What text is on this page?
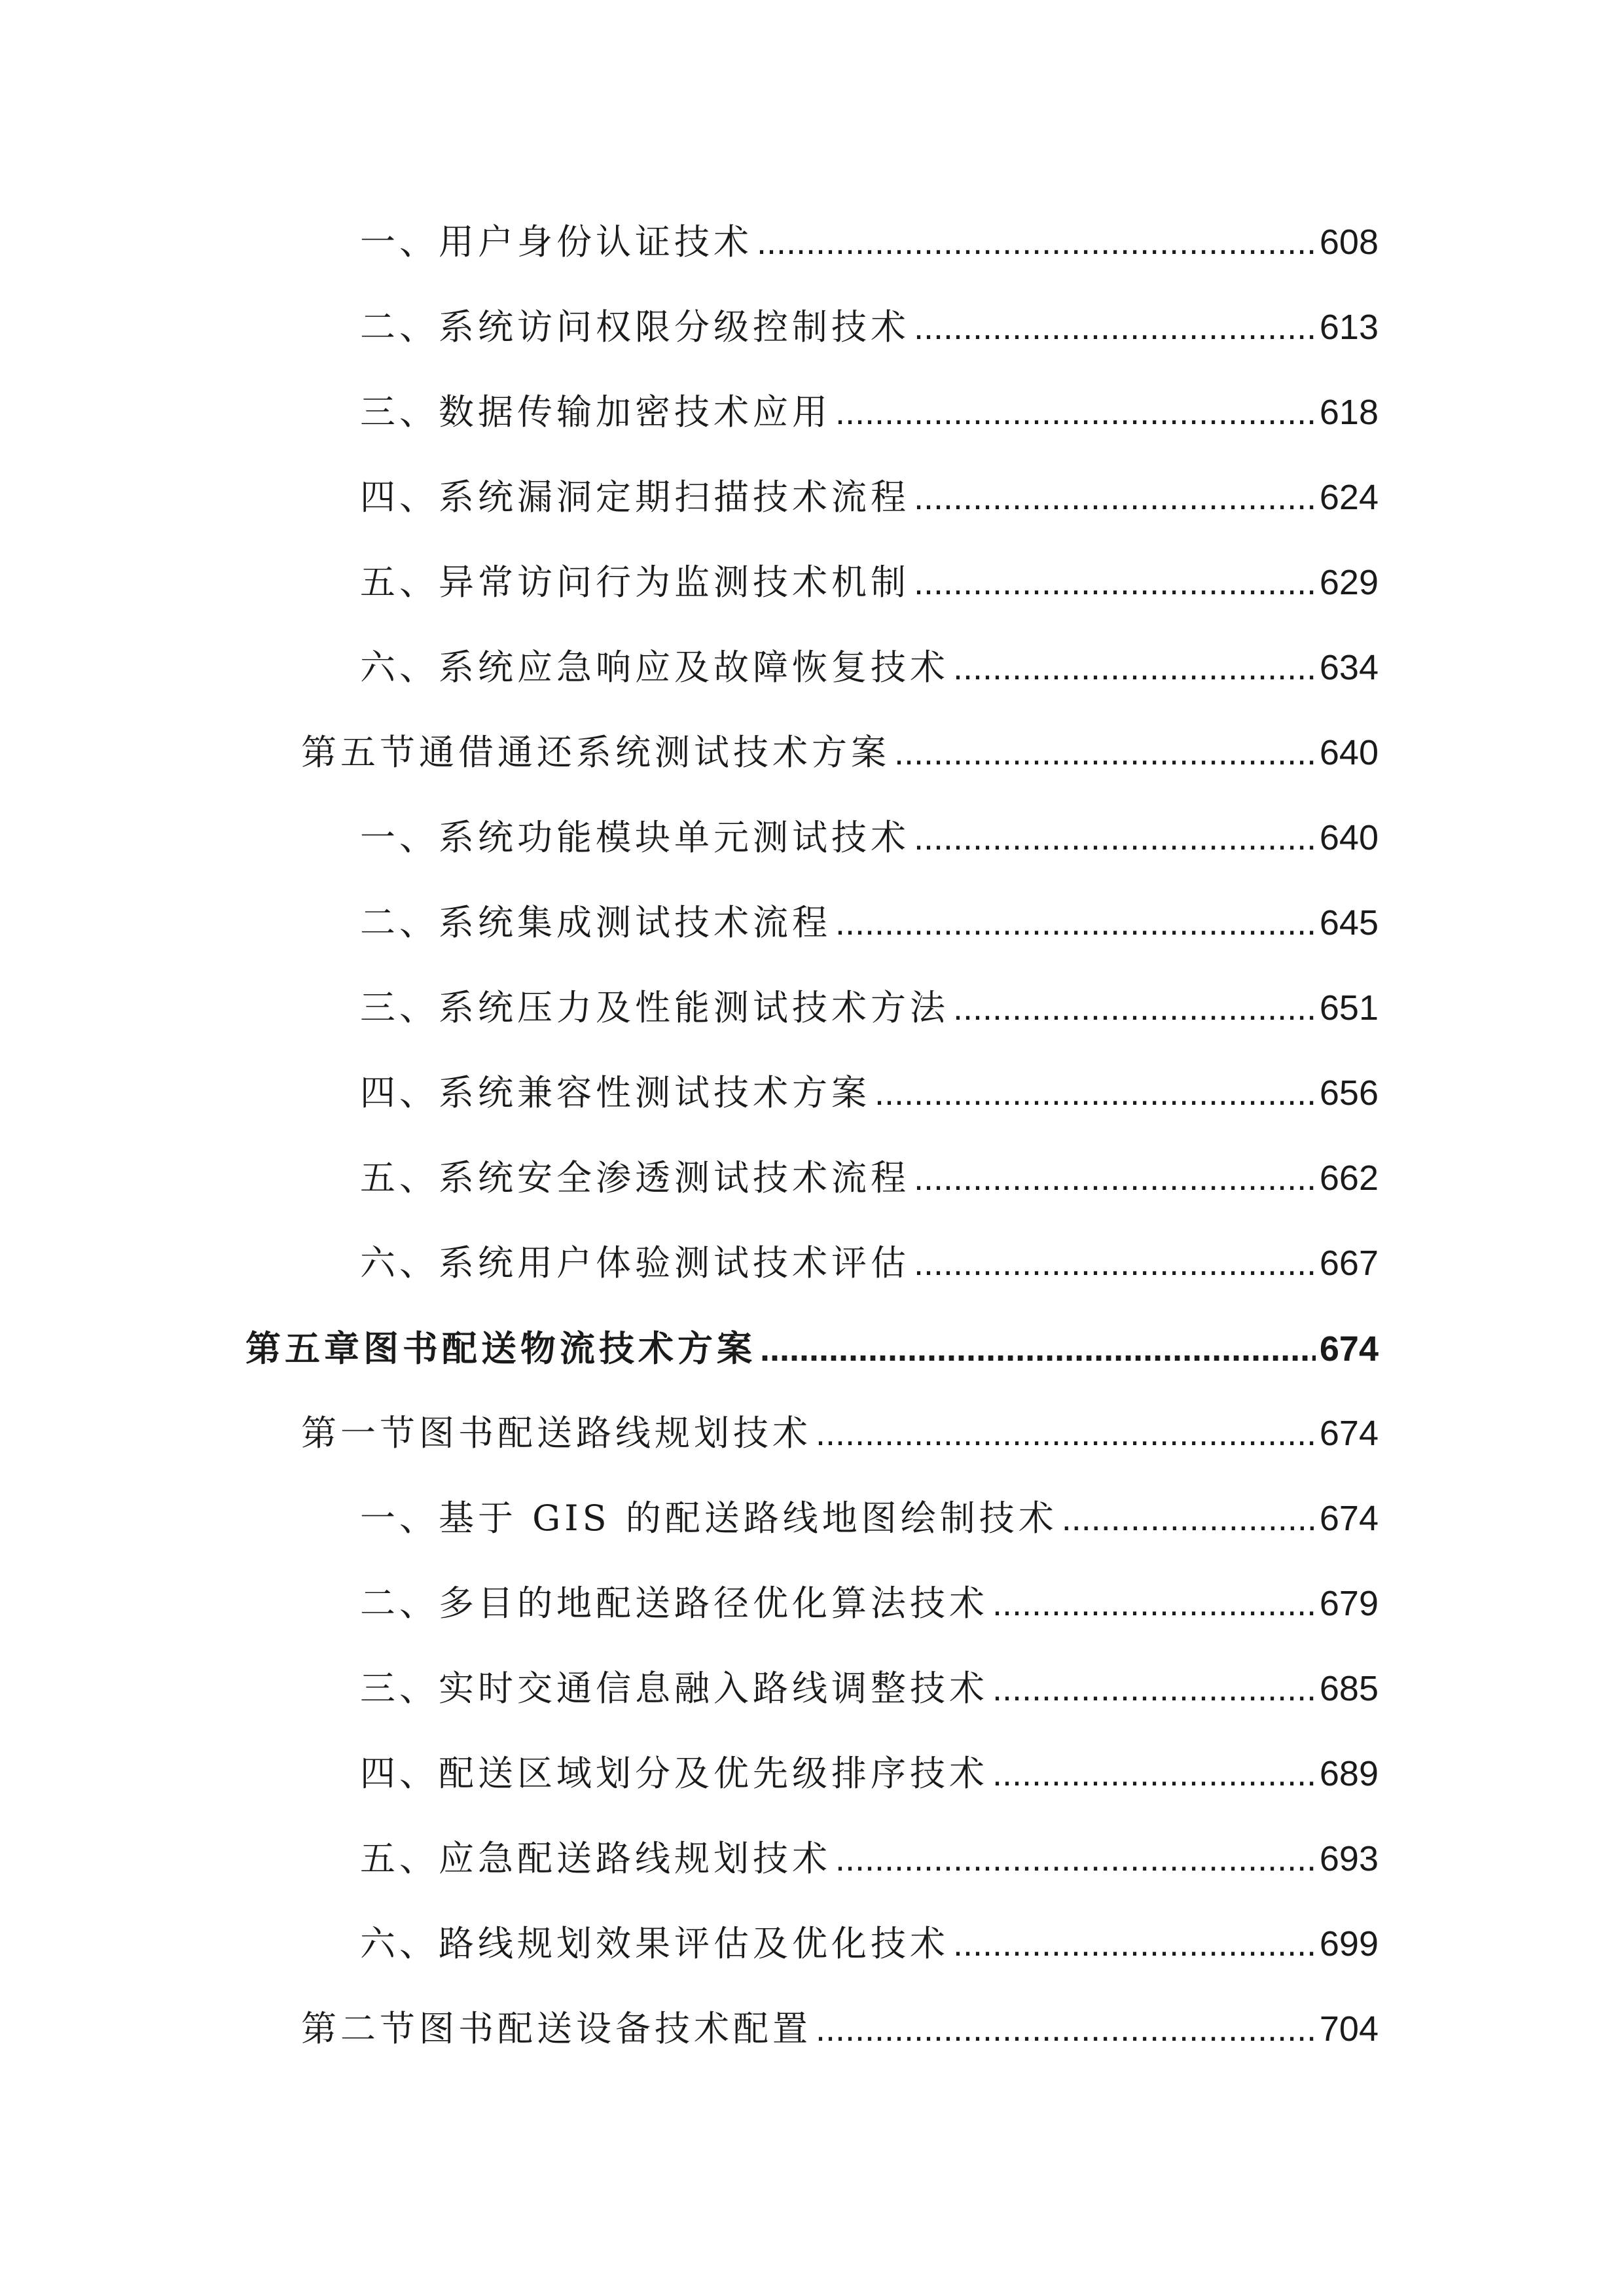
一、用户身份认证技术 .....	608
二、系统访问权限分级控制技术 .....	613
三、数据传输加密技术应用 .....	618
四、系统漏洞定期扫描技术流程 .....	624
五、异常访问行为监测技术机制 .....	629
六、系统应急响应及故障恢复技术 .....	634
第五节通借通还系统测试技术方案 .....	640
一、系统功能模块单元测试技术 .....	640
二、系统集成测试技术流程 .....	645
三、系统压力及性能测试技术方法 .....	651
四、系统兼容性测试技术方案 .....	656
五、系统安全渗透测试技术流程 .....	662
六、系统用户体验测试技术评估 .....	667
第五章图书配送物流技术方案 .....	674
第一节图书配送路线规划技术 .....	674
一、基于 GIS 的配送路线地图绘制技术 .....	674
二、多目的地配送路径优化算法技术 .....	679
三、实时交通信息融入路线调整技术 .....	685
四、配送区域划分及优先级排序技术 .....	689
五、应急配送路线规划技术 .....	693
六、路线规划效果评估及优化技术 .....	699
第二节图书配送设备技术配置 .....	704
